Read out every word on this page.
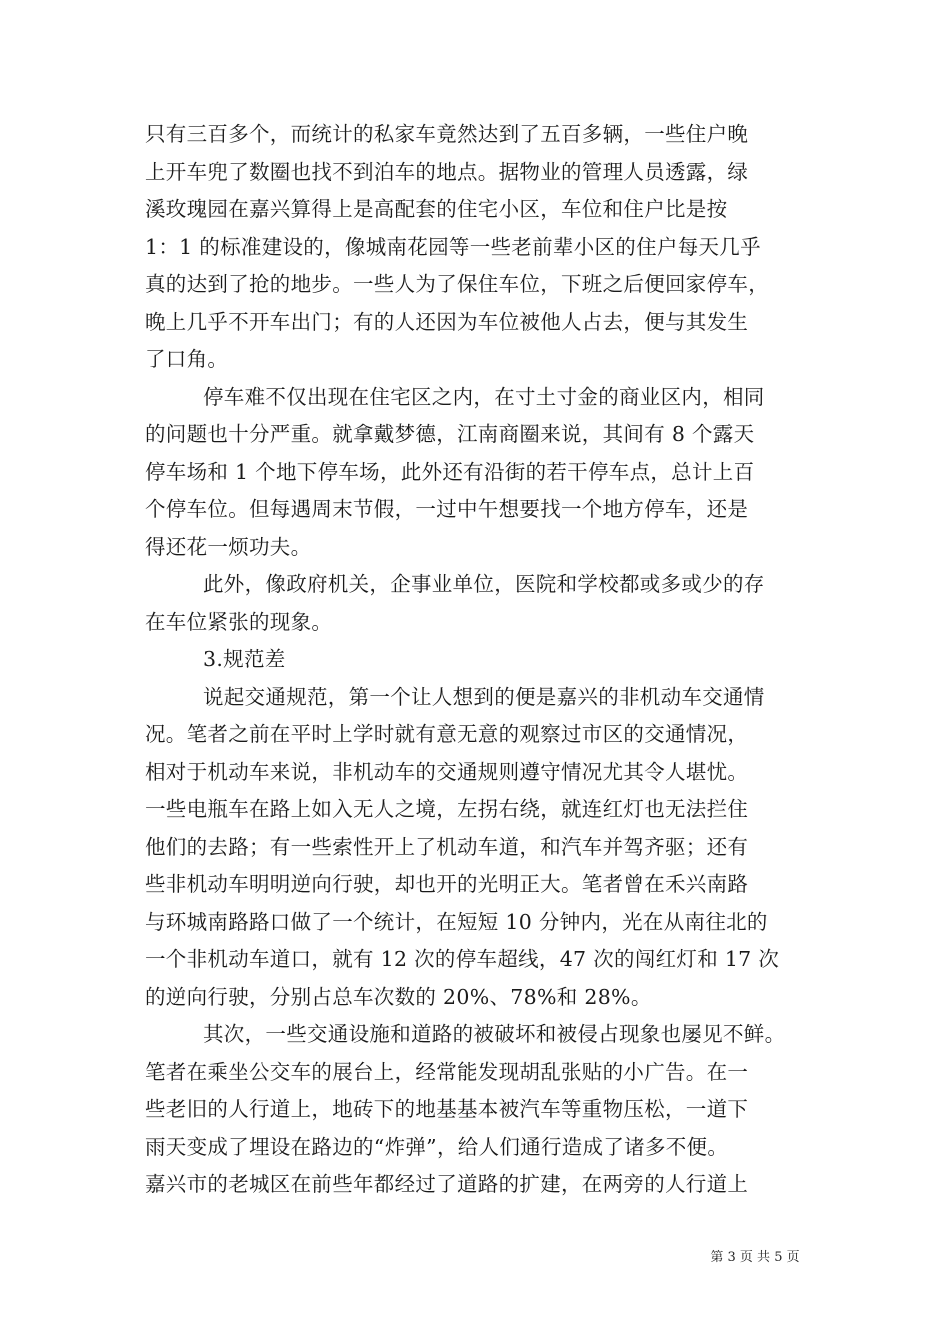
只有三百多个，而统计的私家车竟然达到了五百多辆，一些住户晚
上开车兜了数圈也找不到泊车的地点。据物业的管理人员透露，绿
溪玫瑰园在嘉兴算得上是高配套的住宅小区，车位和住户比是按
1：1 的标准建设的，像城南花园等一些老前辈小区的住户每天几乎
真的达到了抢的地步。一些人为了保住车位，下班之后便回家停车，
晚上几乎不开车出门；有的人还因为车位被他人占去，便与其发生
了口角。
停车难不仅出现在住宅区之内，在寸土寸金的商业区内，相同
的问题也十分严重。就拿戴梦德，江南商圈来说，其间有 8 个露天
停车场和 1 个地下停车场，此外还有沿街的若干停车点，总计上百
个停车位。但每遇周末节假，一过中午想要找一个地方停车，还是
得还花一烦功夫。
此外，像政府机关，企事业单位，医院和学校都或多或少的存
在车位紧张的现象。
3.规范差
说起交通规范，第一个让人想到的便是嘉兴的非机动车交通情
况。笔者之前在平时上学时就有意无意的观察过市区的交通情况，
相对于机动车来说，非机动车的交通规则遵守情况尤其令人堪忧。
一些电瓶车在路上如入无人之境，左拐右绕，就连红灯也无法拦住
他们的去路；有一些索性开上了机动车道，和汽车并驾齐驱；还有
些非机动车明明逆向行驶，却也开的光明正大。笔者曾在禾兴南路
与环城南路路口做了一个统计，在短短 10 分钟内，光在从南往北的
一个非机动车道口，就有 12 次的停车超线，47 次的闯红灯和 17 次
的逆向行驶，分别占总车次数的 20%、78%和 28%。
其次，一些交通设施和道路的被破坏和被侵占现象也屡见不鲜。
笔者在乘坐公交车的展台上，经常能发现胡乱张贴的小广告。在一
些老旧的人行道上，地砖下的地基基本被汽车等重物压松，一道下
雨天变成了埋设在路边的“炸弹”，给人们通行造成了诸多不便。
嘉兴市的老城区在前些年都经过了道路的扩建，在两旁的人行道上
第 3 页 共 5 页
